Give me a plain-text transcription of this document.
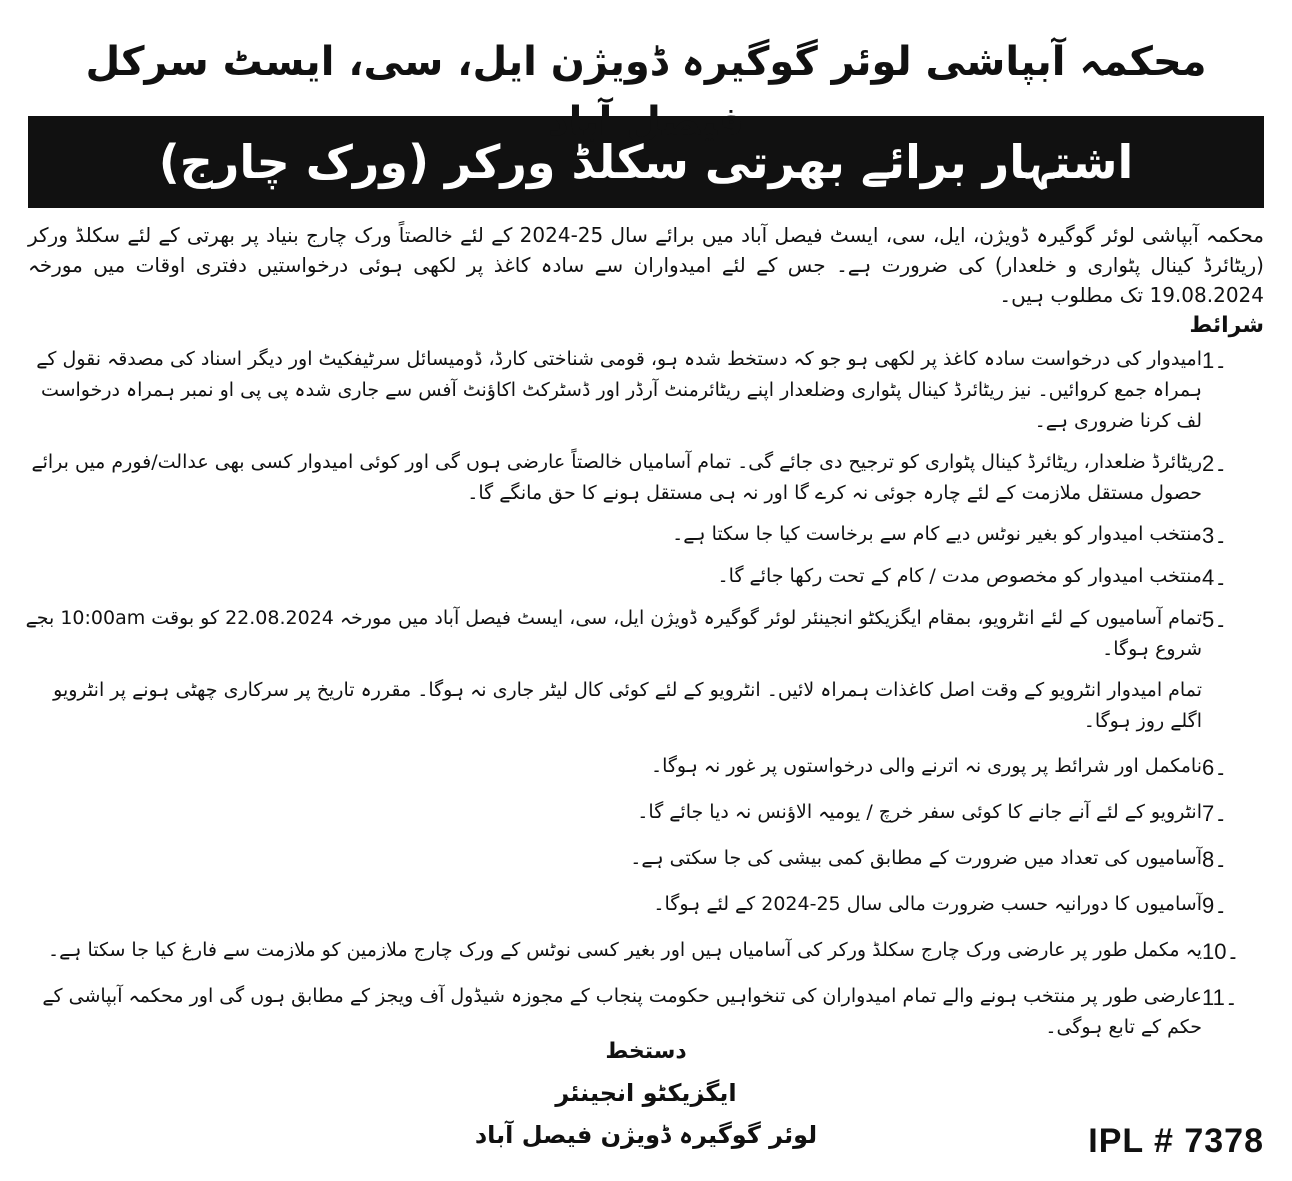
محکمہ آبپاشی لوئر گوگیرہ ڈویژن ایل، سی، ایسٹ سرکل
اشتہار برائے بھرتی سکلڈ ورکر (ورک چارج)
محکمہ آبپاشی لوئر گوگیرہ ڈویژن، ایل، سی، ایسٹ فیصل آباد میں برائے سال 25-2024 کے لئے خالصتاً ورک چارج بنیاد پر بھرتی کے لئے سکلڈ ورکر (ریٹائرڈ کینال پٹواری و خلعدار) کی ضرورت ہے۔ جس کے لئے امیدواران سے سادہ کاغذ پر لکھی ہوئی درخواستیں دفتری اوقات میں مورخہ 19.08.2024 تک مطلوب ہیں۔
شرائط
1۔
امیدوار کی درخواست سادہ کاغذ پر لکھی ہو جو کہ دستخط شدہ ہو، قومی شناختی کارڈ، ڈومیسائل سرٹیفکیٹ اور دیگر اسناد کی مصدقہ نقول کے ہمراہ جمع کروائیں۔ نیز ریٹائرڈ کینال پٹواری وضلعدار اپنے ریٹائرمنٹ آرڈر اور ڈسٹرکٹ اکاؤنٹ آفس سے جاری شدہ پی پی او نمبر ہمراہ درخواست لف کرنا ضروری ہے۔
2۔
ریٹائرڈ ضلعدار، ریٹائرڈ کینال پٹواری کو ترجیح دی جائے گی۔ تمام آسامیاں خالصتاً عارضی ہوں گی اور کوئی امیدوار کسی بھی عدالت/فورم میں برائے حصول مستقل ملازمت کے لئے چارہ جوئی نہ کرے گا اور نہ ہی مستقل ہونے کا حق مانگے گا۔
3۔
منتخب امیدوار کو بغیر نوٹس دیے کام سے برخاست کیا جا سکتا ہے۔
4۔
منتخب امیدوار کو مخصوص مدت / کام کے تحت رکھا جائے گا۔
5۔
تمام آسامیوں کے لئے انٹرویو، بمقام ایگزیکٹو انجینئر لوئر گوگیرہ ڈویژن ایل، سی، ایسٹ فیصل آباد میں مورخہ 22.08.2024 کو بوقت 10:00am بجے شروع ہوگا۔
تمام امیدوار انٹرویو کے وقت اصل کاغذات ہمراہ لائیں۔ انٹرویو کے لئے کوئی کال لیٹر جاری نہ ہوگا۔ مقررہ تاریخ پر سرکاری چھٹی ہونے پر انٹرویو اگلے روز ہوگا۔
6۔
نامکمل اور شرائط پر پوری نہ اترنے والی درخواستوں پر غور نہ ہوگا۔
7۔
انٹرویو کے لئے آنے جانے کا کوئی سفر خرچ / یومیہ الاؤنس نہ دیا جائے گا۔
8۔
آسامیوں کی تعداد میں ضرورت کے مطابق کمی بیشی کی جا سکتی ہے۔
9۔
آسامیوں کا دورانیہ حسب ضرورت مالی سال 25-2024 کے لئے ہوگا۔
10۔
یہ مکمل طور پر عارضی ورک چارج سکلڈ ورکر کی آسامیاں ہیں اور بغیر کسی نوٹس کے ورک چارج ملازمین کو ملازمت سے فارغ کیا جا سکتا ہے۔
11۔
عارضی طور پر منتخب ہونے والے تمام امیدواران کی تنخواہیں حکومت پنجاب کے مجوزہ شیڈول آف ویجز کے مطابق ہوں گی اور محکمہ آبپاشی کے حکم کے تابع ہوگی۔
دستخط
ایگزیکٹو انجینئر
لوئر گوگیرہ ڈویژن فیصل آباد	IPL # 7378
